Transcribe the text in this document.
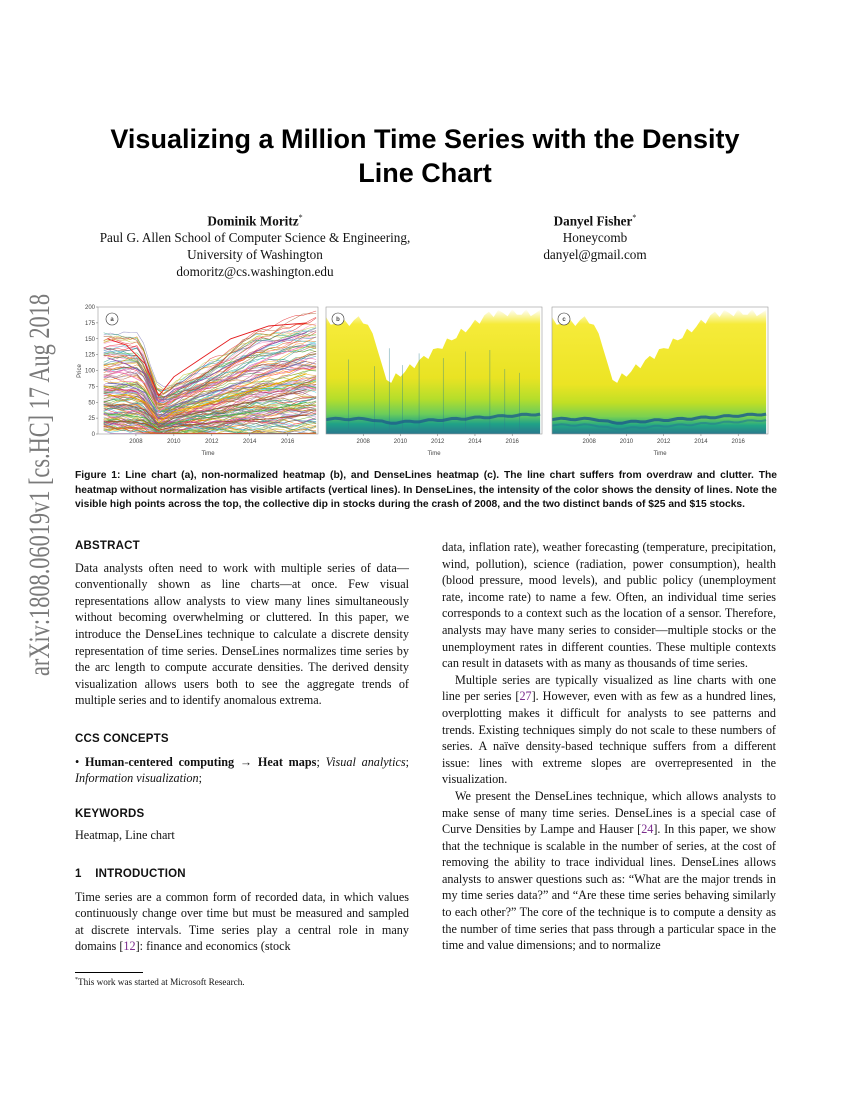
arXiv:1808.06019v1 [cs.HC] 17 Aug 2018
Visualizing a Million Time Series with the Density Line Chart
Dominik Moritz*
Paul G. Allen School of Computer Science & Engineering,
University of Washington
domoritz@cs.washington.edu
Danyel Fisher*
Honeycomb
danyel@gmail.com
0
25
50
75
100
125
150
175
200
2008	2010	2012	2014	2016
Time
Price
a
2008	2010	2012	2014	2016
Time
b
2008	2010	2012	2014	2016
Time
c

Figure 1: Line chart (a), non-normalized heatmap (b), and DenseLines heatmap (c). The line chart suffers from overdraw and clutter. The heatmap without normalization has visible artifacts (vertical lines). In DenseLines, the intensity of the color shows the density of lines. Note the visible high points across the top, the collective dip in stocks during the crash of 2008, and the two distinct bands of $25 and $15 stocks.

ABSTRACT

Data analysts often need to work with multiple series of data—conventionally shown as line charts—at once. Few visual representations allow analysts to view many lines simultaneously without becoming overwhelming or cluttered. In this paper, we introduce the DenseLines technique to calculate a discrete density representation of time series. DenseLines normalizes time series by the arc length to compute accurate densities. The derived density visualization allows users both to see the aggregate trends of multiple series and to identify anomalous extrema.

CCS CONCEPTS

• Human-centered computing → Heat maps; Visual analytics; Information visualization;

KEYWORDS

Heatmap, Line chart

1 INTRODUCTION

Time series are a common form of recorded data, in which values continuously change over time but must be measured and sampled at discrete intervals. Time series play a central role in many domains [12]: finance and economics (stock

data, inflation rate), weather forecasting (temperature, precipitation, wind, pollution), science (radiation, power consumption), health (blood pressure, mood levels), and public policy (unemployment rate, income rate) to name a few. Often, an individual time series corresponds to a context such as the location of a sensor. Therefore, analysts may have many series to consider—multiple stocks or the unemployment rates in different counties. These multiple contexts can result in datasets with as many as thousands of time series.

Multiple series are typically visualized as line charts with one line per series [27]. However, even with as few as a hundred lines, overplotting makes it difficult for analysts to see patterns and trends. Existing techniques simply do not scale to these numbers of series. A naïve density-based technique suffers from a different issue: lines with extreme slopes are overrepresented in the visualization.

We present the DenseLines technique, which allows analysts to make sense of many time series. DenseLines is a special case of Curve Densities by Lampe and Hauser [24]. In this paper, we show that the technique is scalable in the number of series, at the cost of removing the ability to trace individual lines. DenseLines allows analysts to answer questions such as: “What are the major trends in my time series data?” and “Are these time series behaving similarly to each other?” The core of the technique is to compute a density as the number of time series that pass through a particular space in the time and value dimensions; and to normalize

*This work was started at Microsoft Research.
